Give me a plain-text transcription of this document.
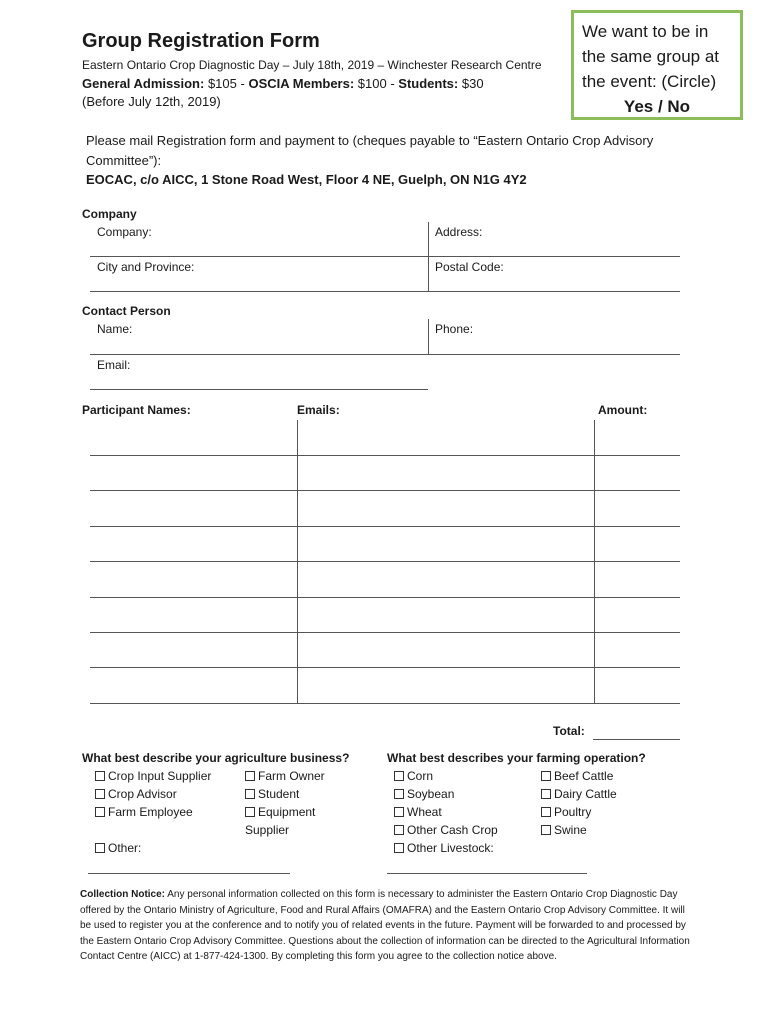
Group Registration Form
Eastern Ontario Crop Diagnostic Day – July 18th, 2019 – Winchester Research Centre
General Admission: $105 - OSCIA Members: $100 - Students: $30
(Before July 12th, 2019)
We want to be in
the same group at
the event: (Circle)
Yes / No
Please mail Registration form and payment to (cheques payable to “Eastern Ontario Crop Advisory Committee”):
EOCAC, c/o AICC, 1 Stone Road West, Floor 4 NE, Guelph, ON N1G 4Y2
Company
Company:	Address:
City and Province:	Postal Code:
Contact Person
Name:	Phone:
Email:
Participant Names:	Emails:	Amount:
Total:
What best describe your agriculture business?
Crop Input Supplier
Crop Advisor
Farm Employee
Farm Owner
Student
Equipment
Supplier
Other:
What best describes your farming operation?
Corn
Soybean
Wheat
Other Cash Crop
Other Livestock:
Beef Cattle
Dairy Cattle
Poultry
Swine
Collection Notice: Any personal information collected on this form is necessary to administer the Eastern Ontario Crop Diagnostic Day offered by the Ontario Ministry of Agriculture, Food and Rural Affairs (OMAFRA) and the Eastern Ontario Crop Advisory Committee. It will be used to register you at the conference and to notify you of related events in the future. Payment will be forwarded to and processed by the Eastern Ontario Crop Advisory Committee. Questions about the collection of information can be directed to the Agricultural Information Contact Centre (AICC) at 1-877-424-1300. By completing this form you agree to the collection notice above.
